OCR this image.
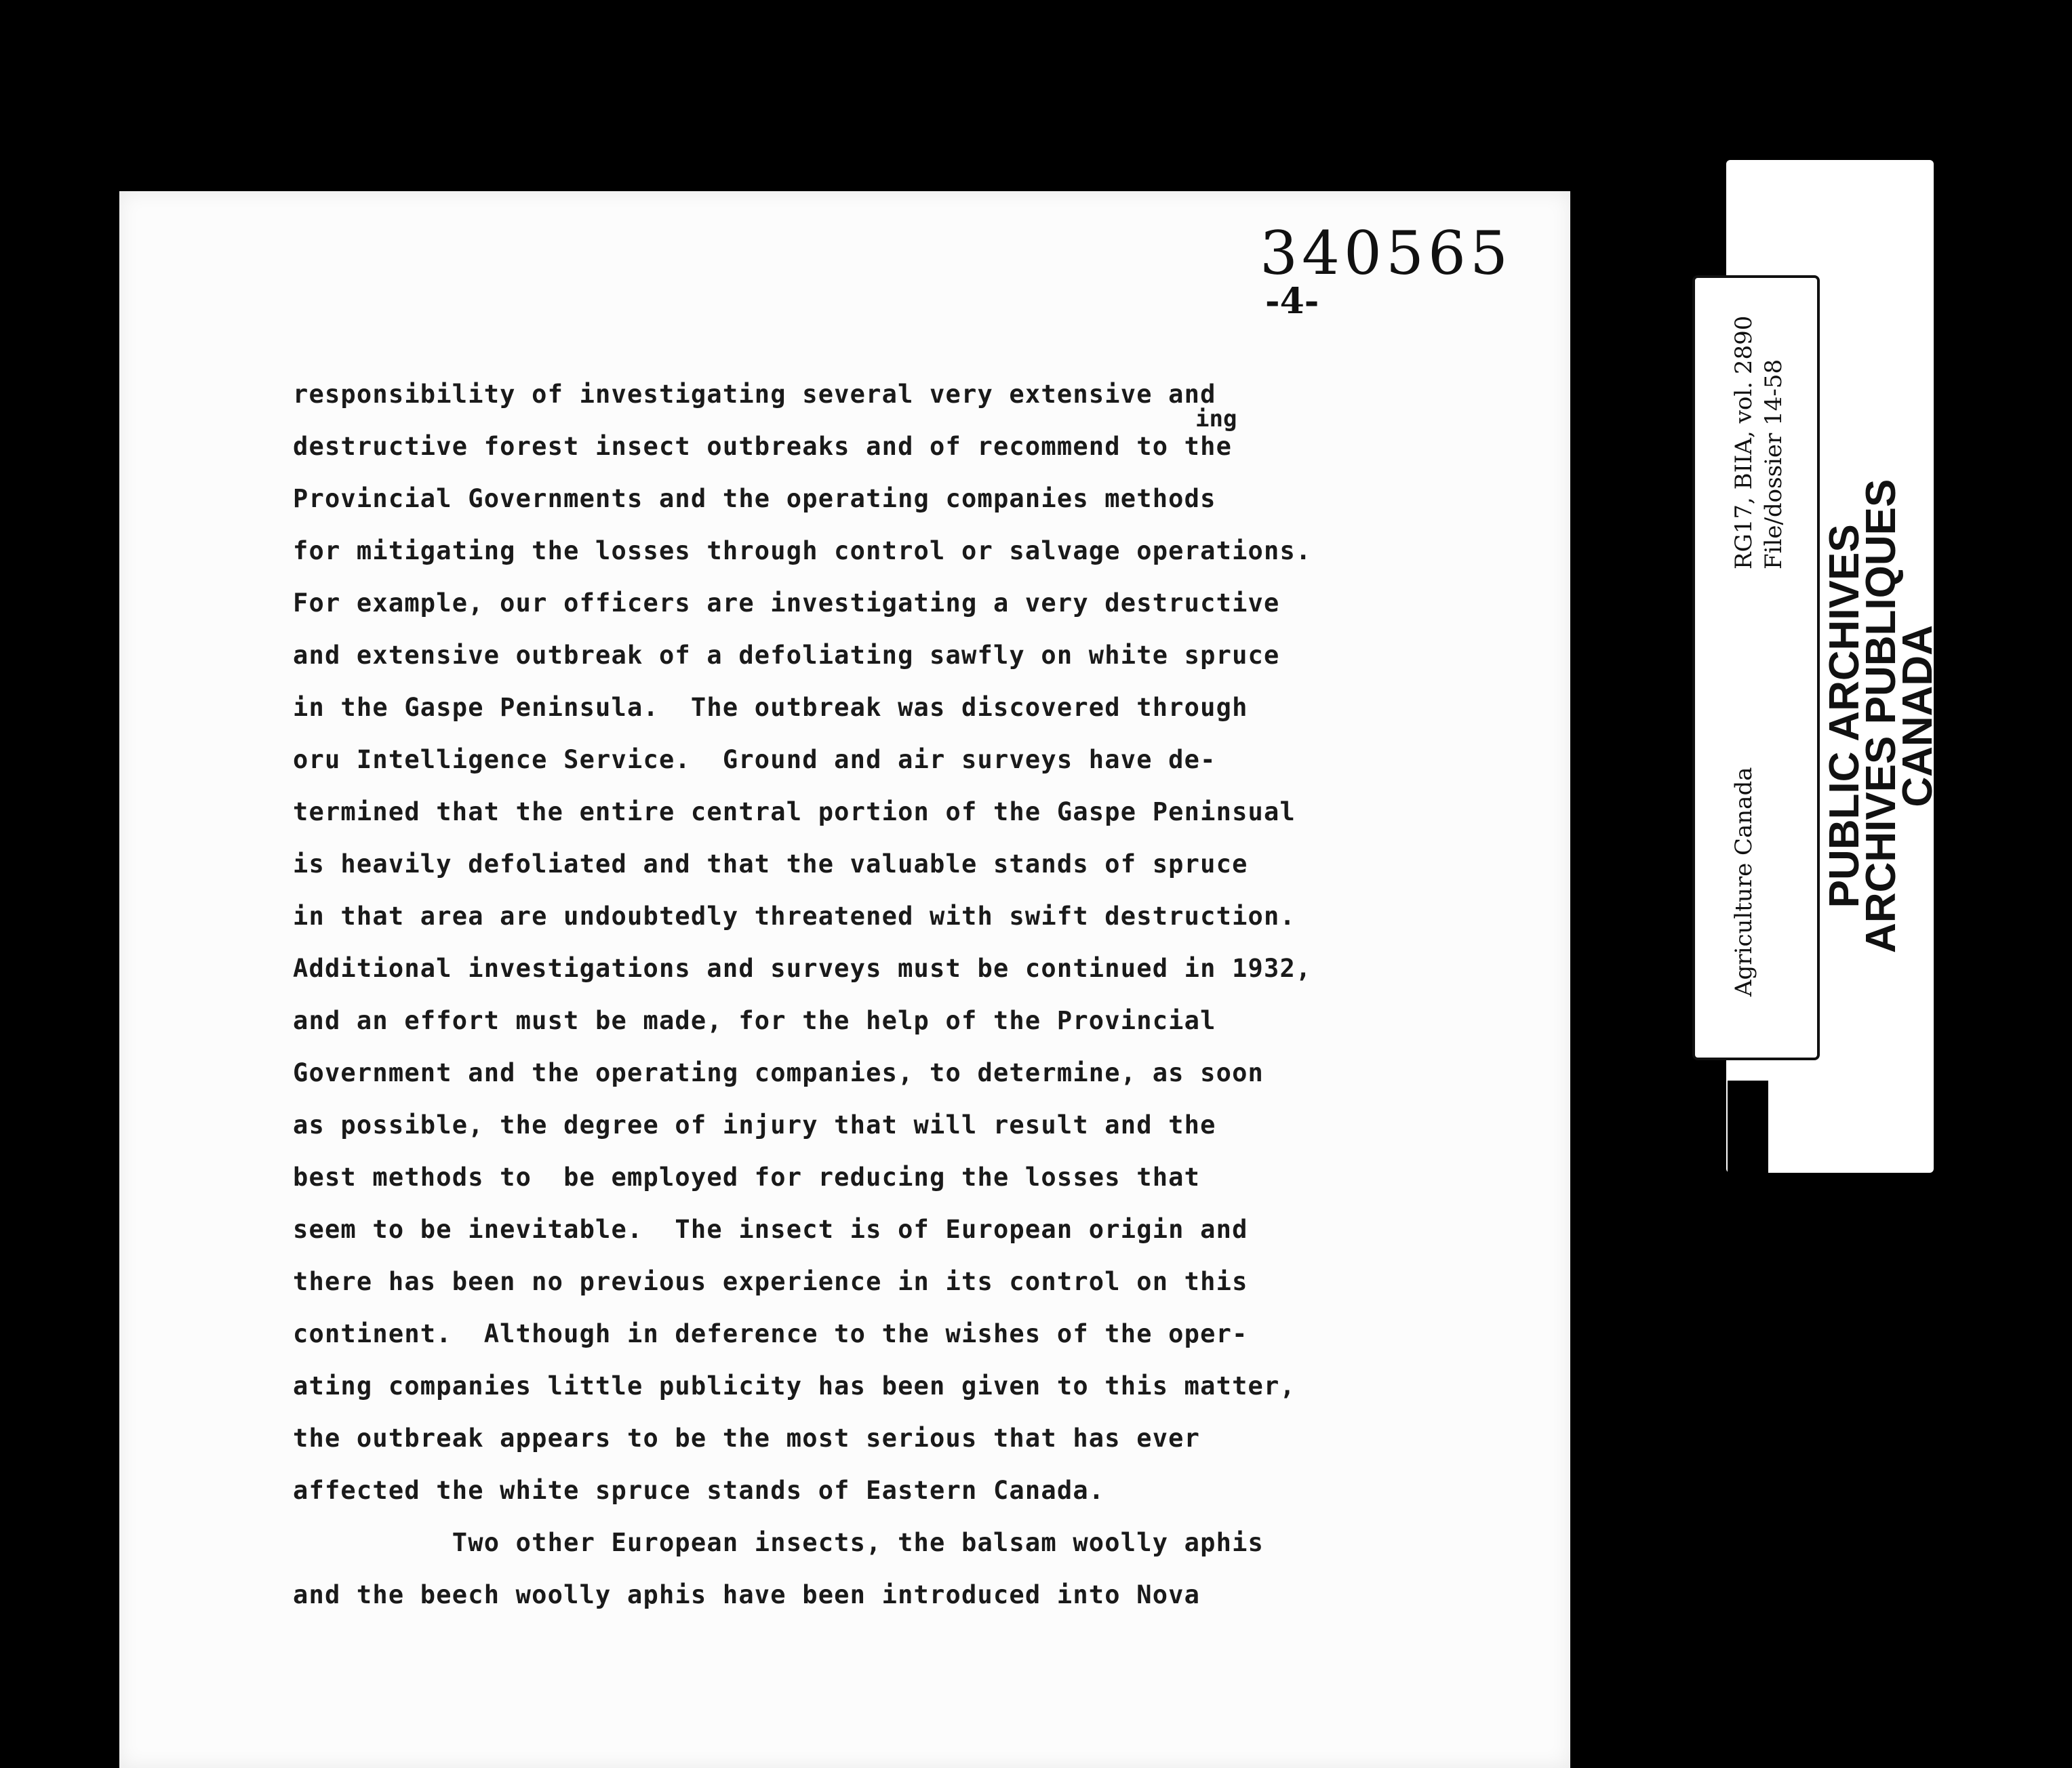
340565
-4-
ing
responsibility of investigating several very extensive and
destructive forest insect outbreaks and of recommend to the
Provincial Governments and the operating companies methods
for mitigating the losses through control or salvage operations.
For example, our officers are investigating a very destructive
and extensive outbreak of a defoliating sawfly on white spruce
in the Gaspe Peninsula.  The outbreak was discovered through
oru Intelligence Service.  Ground and air surveys have de-
termined that the entire central portion of the Gaspe Peninsual
is heavily defoliated and that the valuable stands of spruce
in that area are undoubtedly threatened with swift destruction.
Additional investigations and surveys must be continued in 1932,
and an effort must be made, for the help of the Provincial
Government and the operating companies, to determine, as soon
as possible, the degree of injury that will result and the
best methods to  be employed for reducing the losses that
seem to be inevitable.  The insect is of European origin and
there has been no previous experience in its control on this
continent.  Although in deference to the wishes of the oper-
ating companies little publicity has been given to this matter,
the outbreak appears to be the most serious that has ever
affected the white spruce stands of Eastern Canada.
Two other European insects, the balsam woolly aphis
and the beech woolly aphis have been introduced into Nova
PUBLIC ARCHIVES
ARCHIVES PUBLIQUES
CANADA
Agriculture Canada
RG17, BIIA, vol. 2890 File/dossier 14-58
